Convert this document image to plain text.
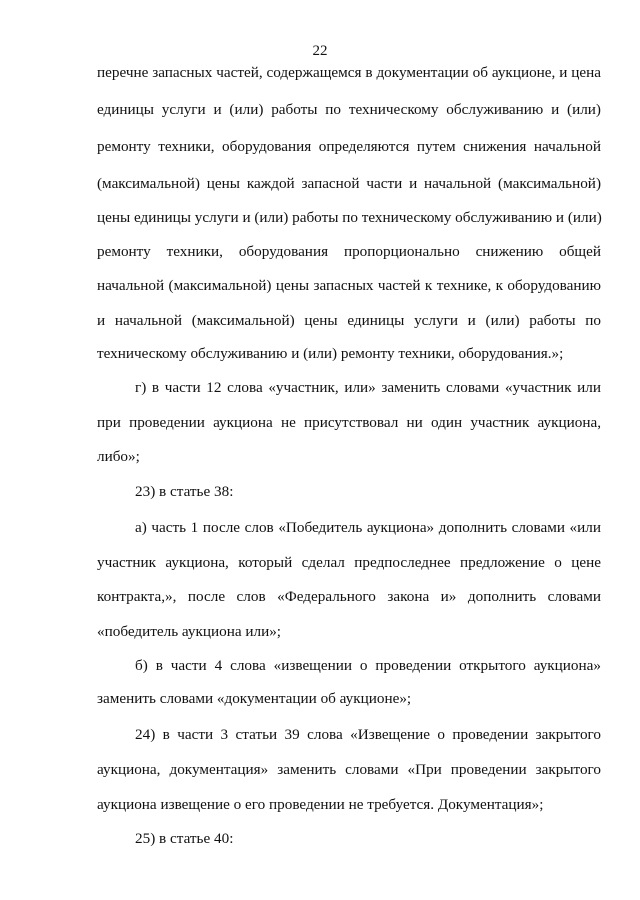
22
перечне запасных частей, содержащемся в документации об аукционе, и цена
единицы услуги и (или) работы по техническому обслуживанию и (или)
ремонту техники, оборудования определяются путем снижения начальной
(максимальной) цены каждой запасной части и начальной (максимальной)
цены единицы услуги и (или) работы по техническому обслуживанию и (или)
ремонту техники, оборудования пропорционально снижению общей
начальной (максимальной) цены запасных частей к технике, к оборудованию
и начальной (максимальной) цены единицы услуги и (или) работы по
техническому обслуживанию и (или) ремонту техники, оборудования.»;
г) в части 12 слова «участник, или» заменить словами «участник или
при проведении аукциона не присутствовал ни один участник аукциона,
либо»;
23) в статье 38:
а) часть 1 после слов «Победитель аукциона» дополнить словами «или
участник аукциона, который сделал предпоследнее предложение о цене
контракта,», после слов «Федерального закона и» дополнить словами
«победитель аукциона или»;
б) в части 4 слова «извещении о проведении открытого аукциона»
заменить словами «документации об аукционе»;
24) в части 3 статьи 39 слова «Извещение о проведении закрытого
аукциона, документация» заменить словами «При проведении закрытого
аукциона извещение о его проведении не требуется. Документация»;
25) в статье 40:
